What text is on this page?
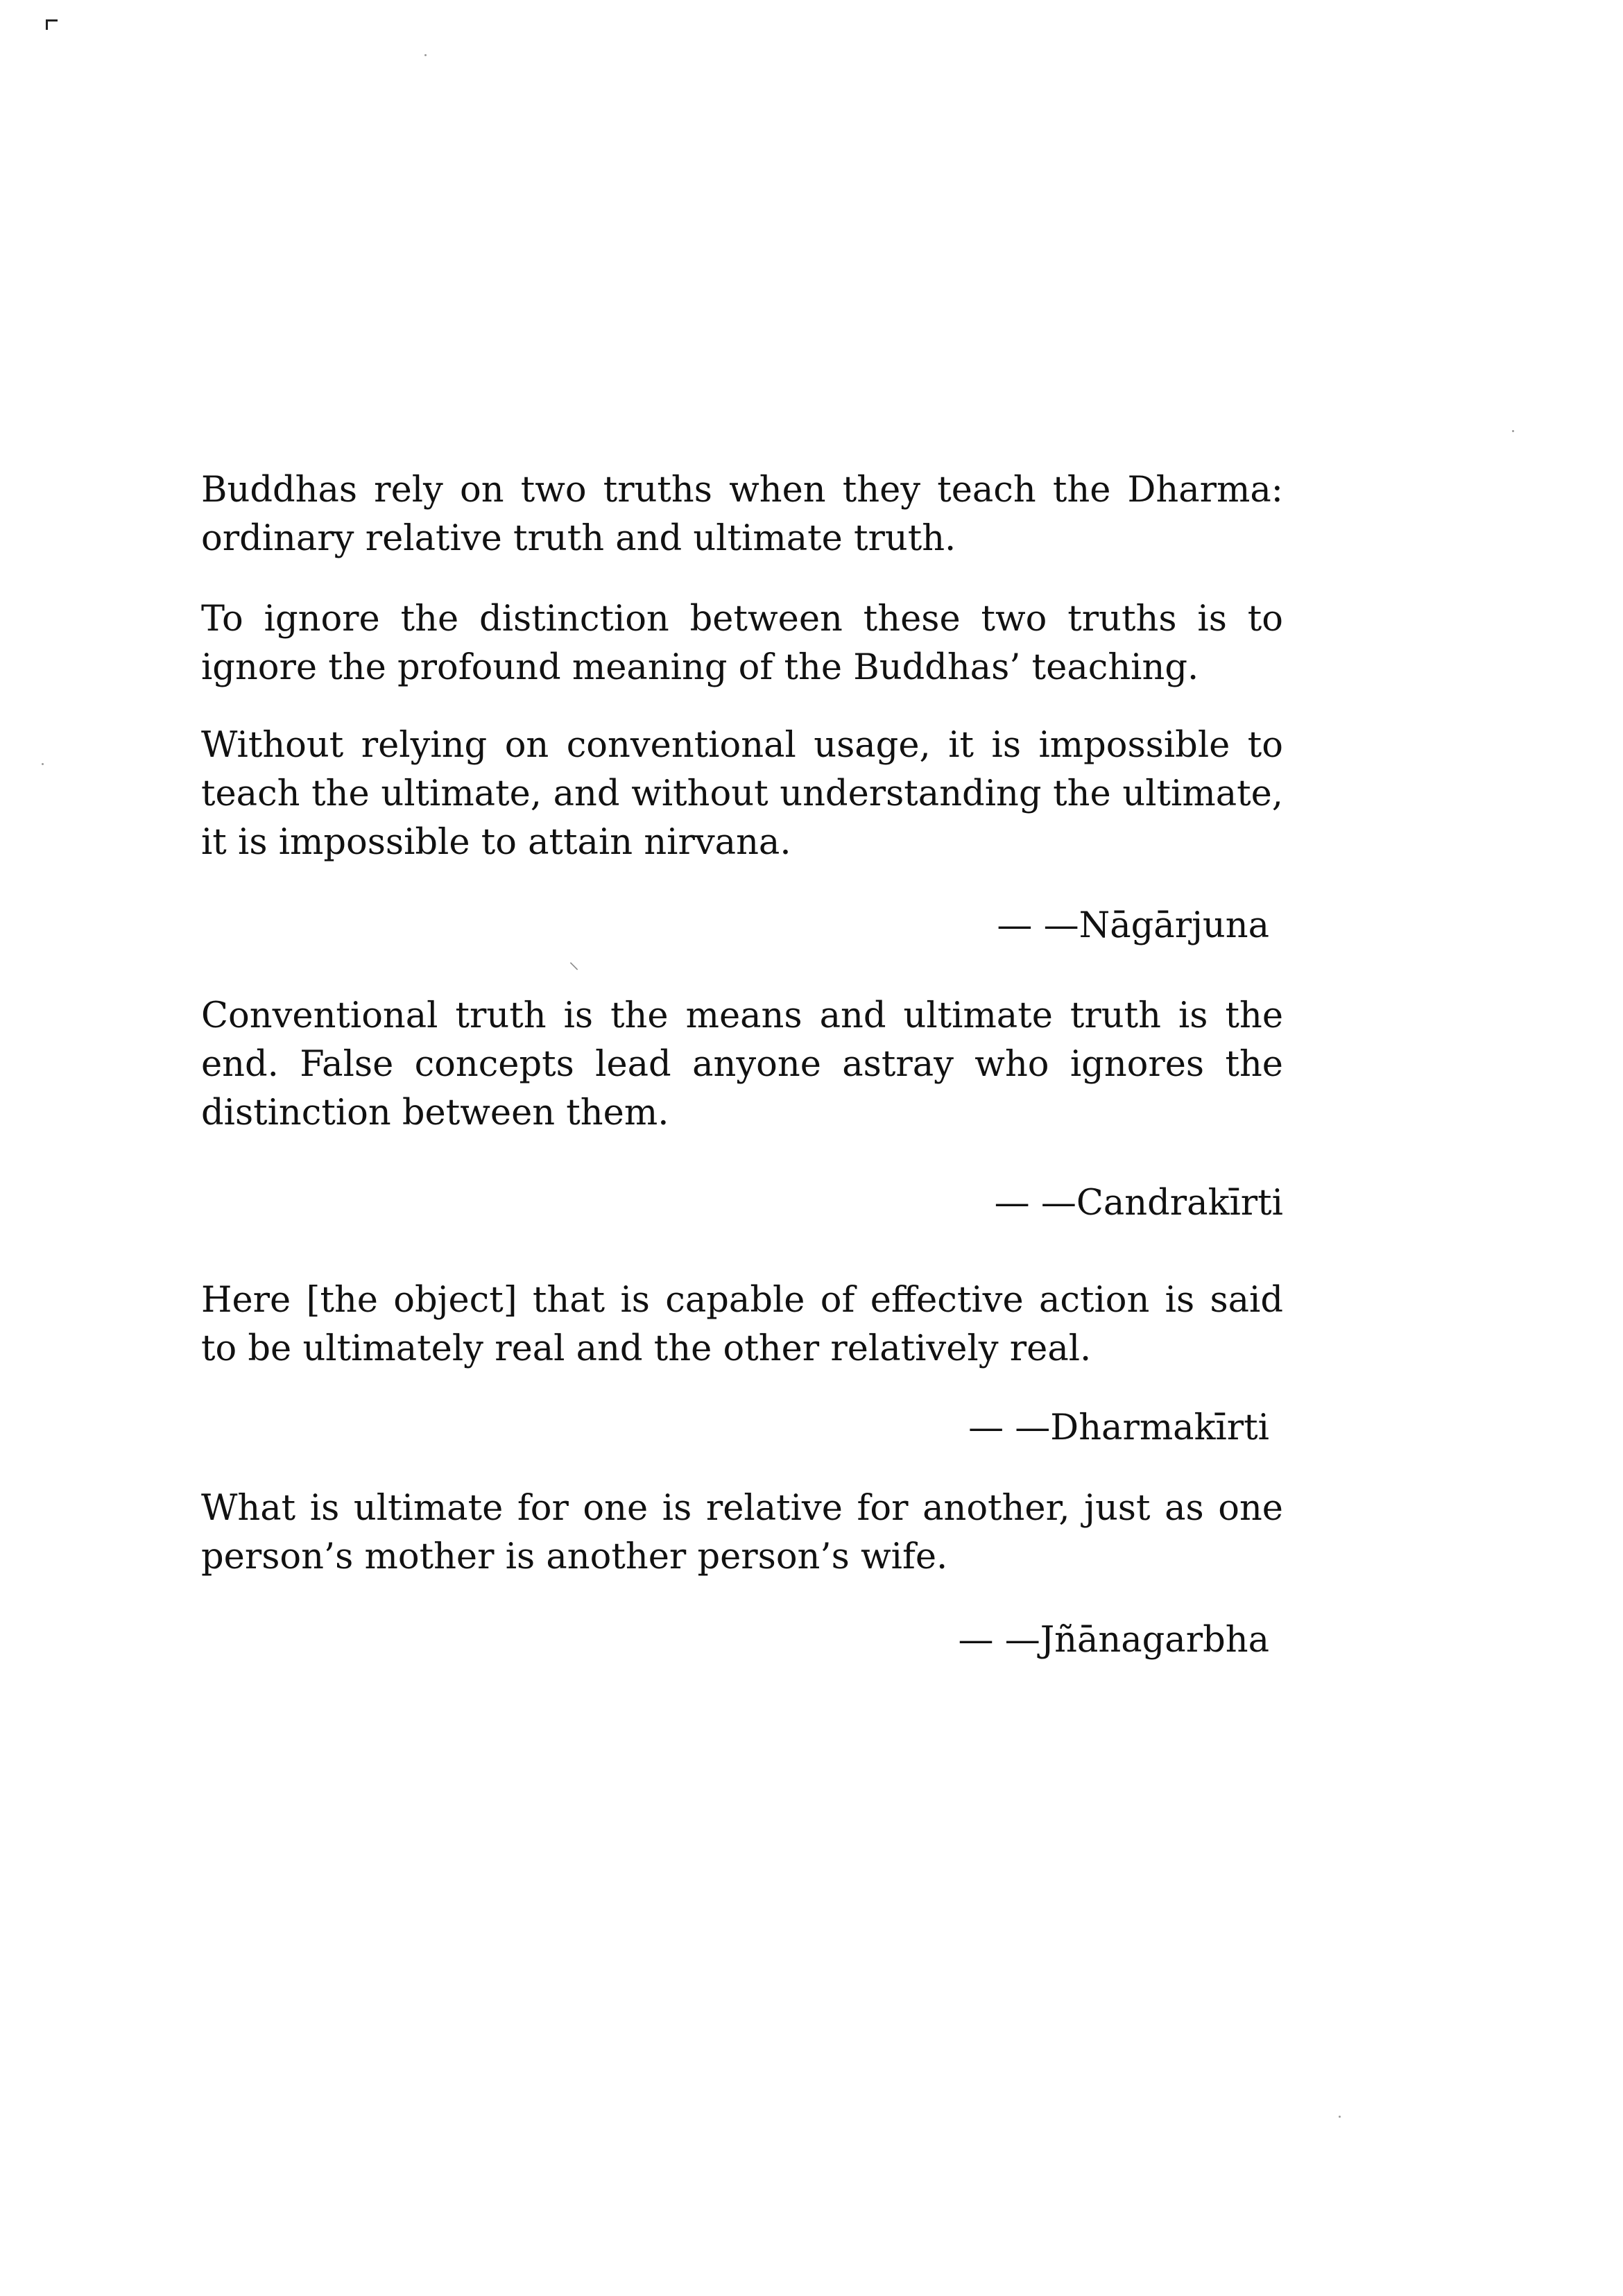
⸜

Buddhas rely on two truths when they teach the Dharma: ordinary relative truth and ultimate truth.

To ignore the distinction between these two truths is to ignore the profound meaning of the Buddhas’ teaching.

Without relying on conventional usage, it is impossible to teach the ultimate, and without understanding the ultimate, it is impossible to attain nirvana.

— —Nāgārjuna

Conventional truth is the means and ultimate truth is the end. False concepts lead anyone astray who ignores the distinction between them.

— —Candrakīrti

Here [the object] that is capable of effective action is said to be ultimately real and the other relatively real.

— —Dharmakīrti

What is ultimate for one is relative for another, just as one person’s mother is another person’s wife.

— —Jñānagarbha
